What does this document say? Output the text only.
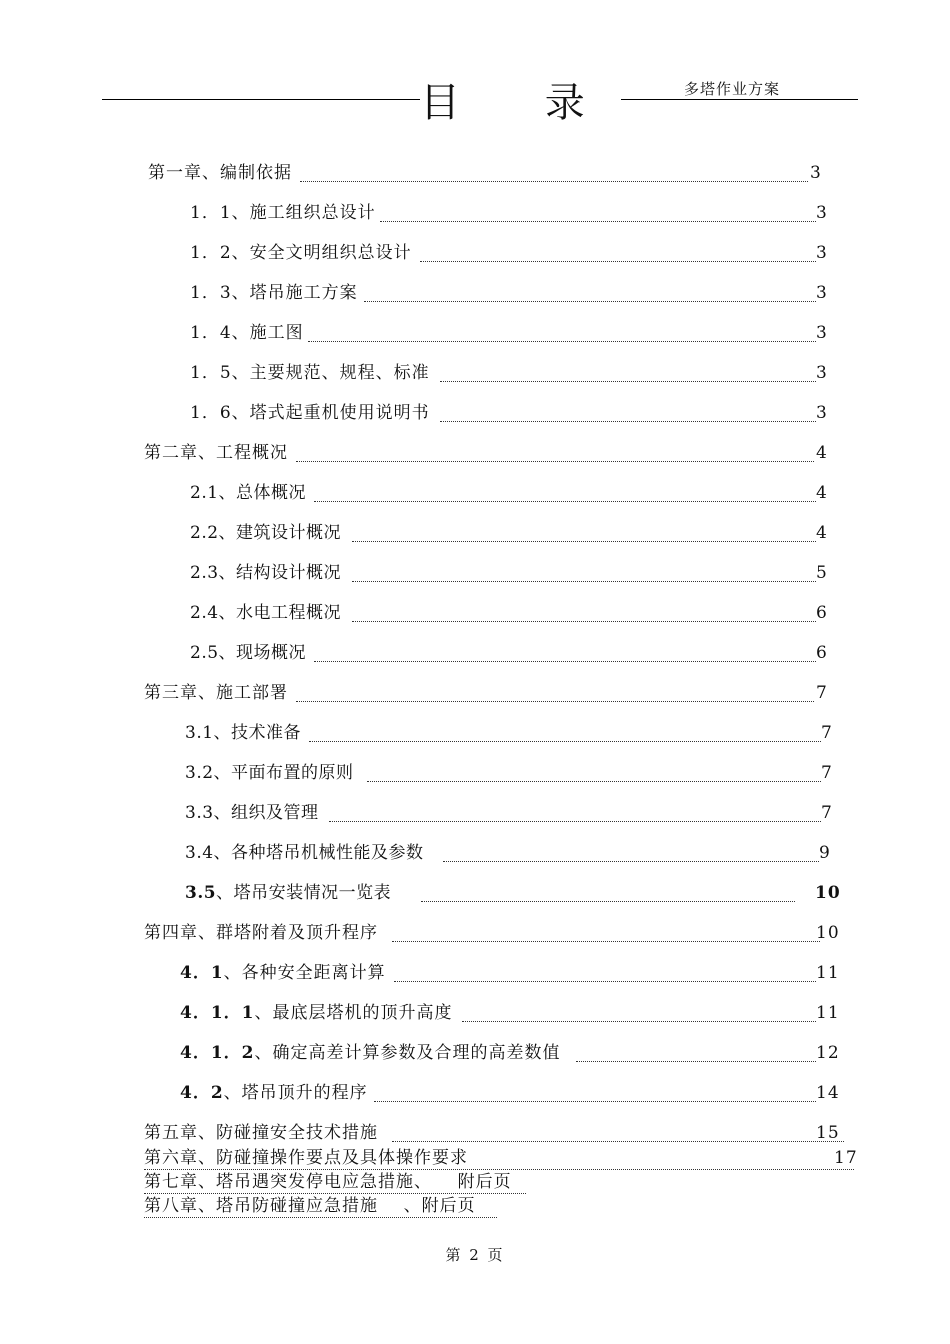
多塔作业方案
目 录
第一章、编制依据	3
1．1、施工组织总设计	3
1．2、安全文明组织总设计	3
1．3、塔吊施工方案	3
1．4、施工图	3
1．5、主要规范、规程、标准	3
1．6、塔式起重机使用说明书	3
第二章、工程概况	4
2.1、总体概况	4
2.2、建筑设计概况	4
2.3、结构设计概况	5
2.4、水电工程概况	6
2.5、现场概况	6
第三章、施工部署	7
3.1、技术准备	7
3.2、平面布置的原则	7
3.3、组织及管理	7
3.4、各种塔吊机械性能及参数	9
3.5、塔吊安装情况一览表	10
第四章、群塔附着及顶升程序	10
4．1、各种安全距离计算	11
4．1．1、最底层塔机的顶升高度	11
4．1．2、确定高差计算参数及合理的高差数值	12
4．2、塔吊顶升的程序	14
第五章、防碰撞安全技术措施	15
第六章、防碰撞操作要点及具体操作要求	17
第七章、塔吊遇突发停电应急措施、    附后页
第八章、塔吊防碰撞应急措施    、附后页
第 2 页
